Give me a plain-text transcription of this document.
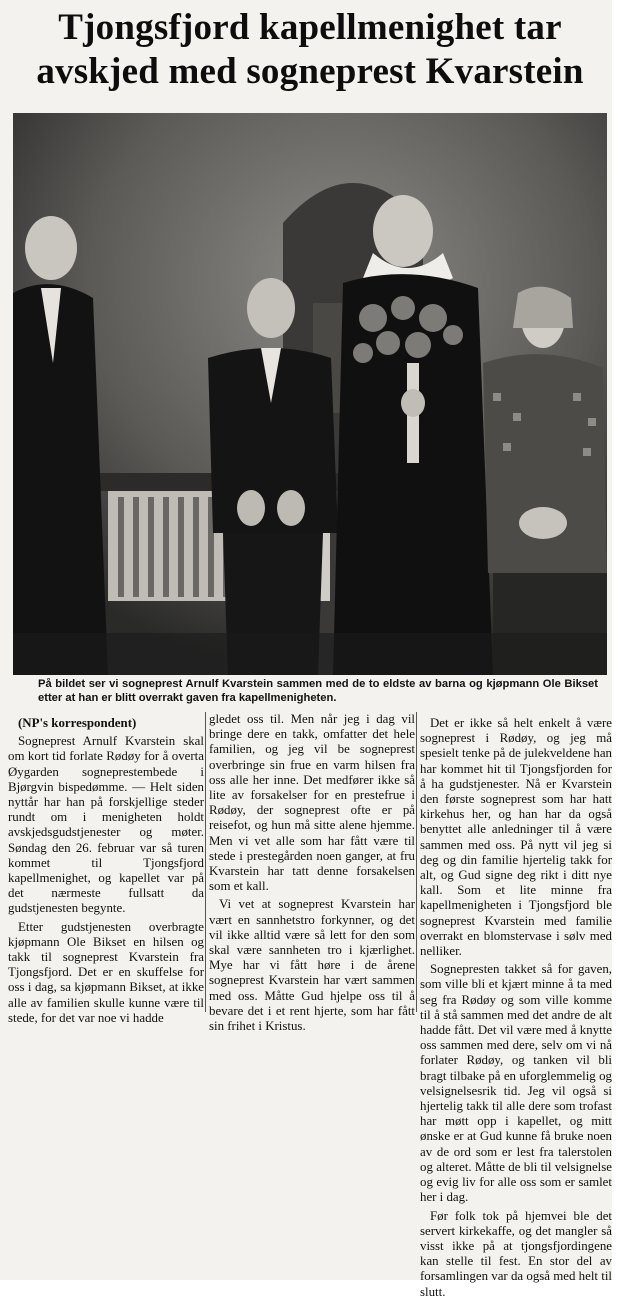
Tjongsfjord kapellmenighet tar
avskjed med sogneprest Kvarstein

På bildet ser vi sogneprest Arnulf Kvarstein sammen med de to eldste av barna og kjøpmann Ole Bikset etter at han er blitt overrakt gaven fra kapellmenigheten.

(NP's korrespondent)

Sogneprest Arnulf Kvarstein skal om kort tid forlate Rødøy for å overta Øygarden sogneprestembede i Bjørgvin bispedømme. — Helt siden nyttår har han på forskjellige steder rundt om i menigheten holdt avskjedsgudstjenester og møter. Søndag den 26. februar var så turen kommet til Tjongsfjord kapellmenighet, og kapellet var på det nærmeste fullsatt da gudstjenesten begynte.

Etter gudstjenesten overbragte kjøpmann Ole Bikset en hilsen og takk til sogneprest Kvarstein fra Tjongsfjord. Det er en skuffelse for oss i dag, sa kjøpmann Bikset, at ikke alle av familien skulle kunne være til stede, for det var noe vi hadde

gledet oss til. Men når jeg i dag vil bringe dere en takk, omfatter det hele familien, og jeg vil be sogneprest overbringe sin frue en varm hilsen fra oss alle her inne. Det medfører ikke så lite av forsakelser for en prestefrue i Rødøy, der sogneprest ofte er på reisefot, og hun må sitte alene hjemme. Men vi vet alle som har fått være til stede i prestegården noen ganger, at fru Kvarstein har tatt denne forsakelsen som et kall.

Vi vet at sogneprest Kvarstein har vært en sannhetstro forkynner, og det vil ikke alltid være så lett for den som skal være sannheten tro i kjærlighet. Mye har vi fått høre i de årene sogneprest Kvarstein har vært sammen med oss. Måtte Gud hjelpe oss til å bevare det i et rent hjerte, som har fått sin frihet i Kristus.

Det er ikke så helt enkelt å være sogneprest i Rødøy, og jeg må spesielt tenke på de julekveldene han har kommet hit til Tjongsfjorden for å ha gudstjenester. Nå er Kvarstein den første sogneprest som har hatt kirkehus her, og han har da også benyttet alle anledninger til å være sammen med oss. På nytt vil jeg si deg og din familie hjertelig takk for alt, og Gud signe deg rikt i ditt nye kall. Som et lite minne fra kapellmenigheten i Tjongsfjord ble sogneprest Kvarstein med familie overrakt en blomstervase i sølv med nelliker.

Sognepresten takket så for gaven, som ville bli et kjært minne å ta med seg fra Rødøy og som ville komme til å stå sammen med det andre de alt hadde fått. Det vil være med å knytte oss sammen med dere, selv om vi nå forlater Rødøy, og tanken vil bli bragt tilbake på en uforglemmelig og velsignelsesrik tid. Jeg vil også si hjertelig takk til alle dere som trofast har møtt opp i kapellet, og mitt ønske er at Gud kunne få bruke noen av de ord som er lest fra talerstolen og alteret. Måtte de bli til velsignelse og evig liv for alle oss som er samlet her i dag.

Før folk tok på hjemvei ble det servert kirkekaffe, og det mangler så visst ikke på at tjongsfjordingene kan stelle til fest. En stor del av forsamlingen var da også med helt til slutt.
